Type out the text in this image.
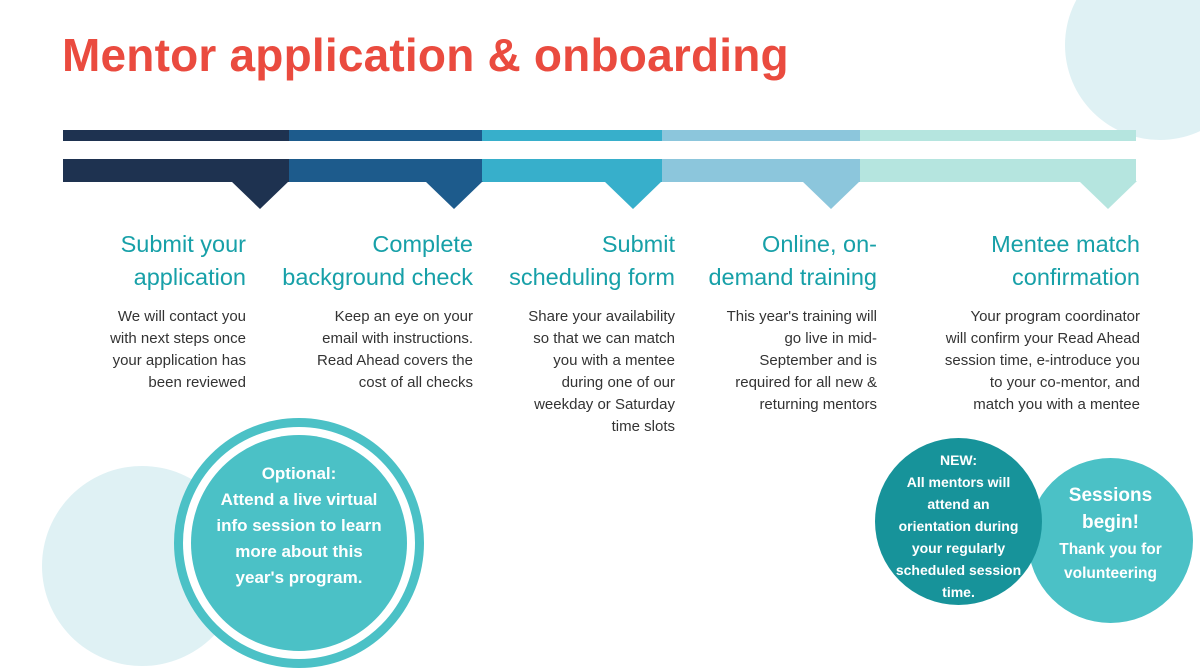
Mentor application & onboarding
Submit your
application
We will contact you
with next steps once
your application has
been reviewed
Complete
background check
Keep an eye on your
email with instructions.
Read Ahead covers the
cost of all checks
Submit
scheduling form
Share your availability
so that we can match
you with a mentee
during one of our
weekday or Saturday
time slots
Online, on-
demand training
This year's training will
go live in mid-
September and is
required for all new &
returning mentors
Mentee match
confirmation
Your program coordinator
will confirm your Read Ahead
session time, e-introduce you
to your co-mentor, and
match you with a mentee
Optional:
Attend a live virtual
info session to learn
more about this
year's program.
Sessions
begin!
Thank you for
volunteering
NEW:
All mentors will
attend an
orientation during
your regularly
scheduled session
time.
